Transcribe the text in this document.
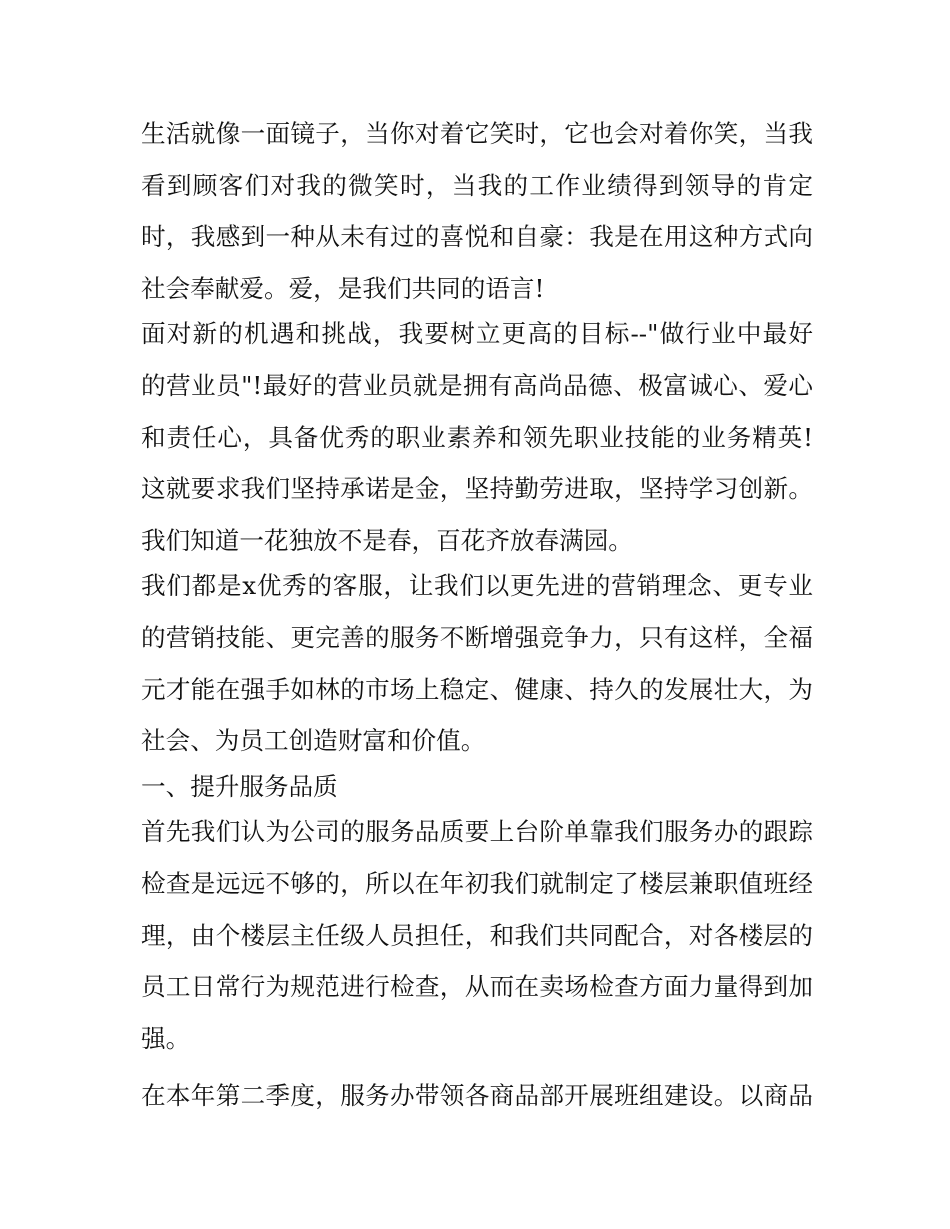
生活就像一面镜子，当你对着它笑时，它也会对着你笑，当我
看到顾客们对我的微笑时，当我的工作业绩得到领导的肯定
时，我感到一种从未有过的喜悦和自豪：我是在用这种方式向
社会奉献爱。爱，是我们共同的语言!
面对新的机遇和挑战，我要树立更高的目标--"做行业中最好
的营业员"!最好的营业员就是拥有高尚品德、极富诚心、爱心
和责任心，具备优秀的职业素养和领先职业技能的业务精英!
这就要求我们坚持承诺是金，坚持勤劳进取，坚持学习创新。
我们知道一花独放不是春，百花齐放春满园。
我们都是x优秀的客服，让我们以更先进的营销理念、更专业
的营销技能、更完善的服务不断增强竞争力，只有这样，全福
元才能在强手如林的市场上稳定、健康、持久的发展壮大，为
社会、为员工创造财富和价值。
一、提升服务品质
首先我们认为公司的服务品质要上台阶单靠我们服务办的跟踪
检查是远远不够的，所以在年初我们就制定了楼层兼职值班经
理，由个楼层主任级人员担任，和我们共同配合，对各楼层的
员工日常行为规范进行检查，从而在卖场检查方面力量得到加
强。
在本年第二季度，服务办带领各商品部开展班组建设。以商品
